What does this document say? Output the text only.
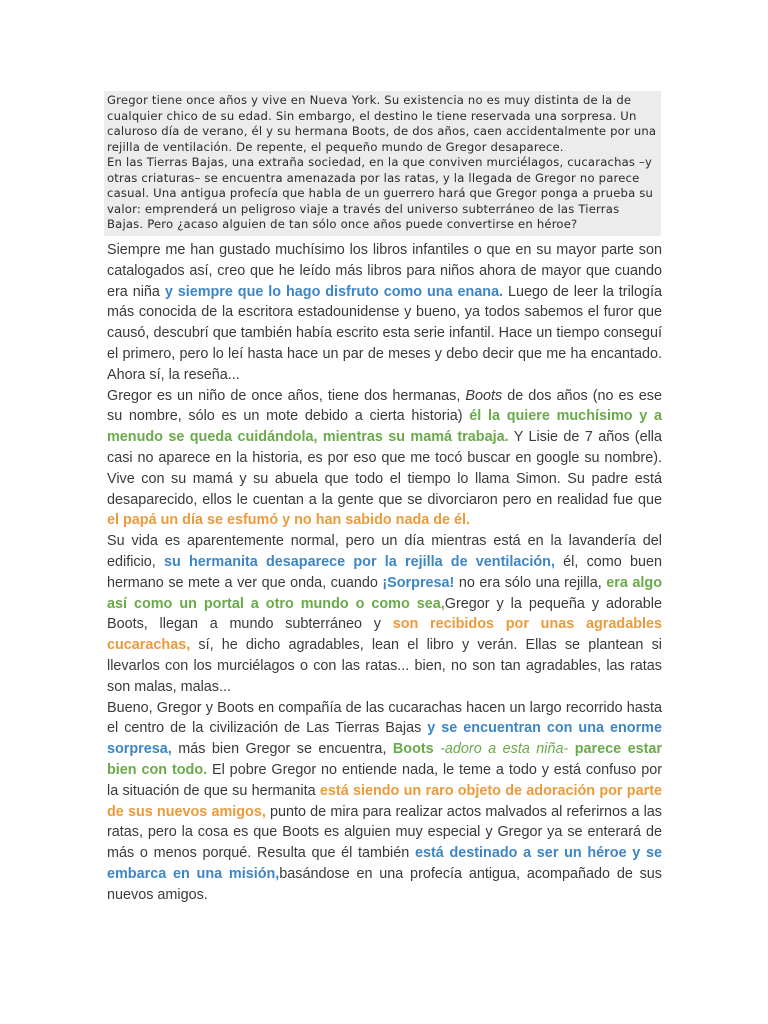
Gregor tiene once años y vive en Nueva York. Su existencia no es muy distinta de la de cualquier chico de su edad. Sin embargo, el destino le tiene reservada una sorpresa. Un caluroso día de verano, él y su hermana Boots, de dos años, caen accidentalmente por una rejilla de ventilación. De repente, el pequeño mundo de Gregor desaparece.

En las Tierras Bajas, una extraña sociedad, en la que conviven murciélagos, cucarachas –y otras criaturas– se encuentra amenazada por las ratas, y la llegada de Gregor no parece casual. Una antigua profecía que habla de un guerrero hará que Gregor ponga a prueba su valor: emprenderá un peligroso viaje a través del universo subterráneo de las Tierras Bajas. Pero ¿acaso alguien de tan sólo once años puede convertirse en héroe?

Siempre me han gustado muchísimo los libros infantiles o que en su mayor parte son catalogados así, creo que he leído más libros para niños ahora de mayor que cuando era niña y siempre que lo hago disfruto como una enana. Luego de leer la trilogía más conocida de la escritora estadounidense y bueno, ya todos sabemos el furor que causó, descubrí que también había escrito esta serie infantil. Hace un tiempo conseguí el primero, pero lo leí hasta hace un par de meses y debo decir que me ha encantado. Ahora sí, la reseña...

Gregor es un niño de once años, tiene dos hermanas, Boots de dos años (no es ese su nombre, sólo es un mote debido a cierta historia) él la quiere muchísimo y a menudo se queda cuidándola, mientras su mamá trabaja. Y Lisie de 7 años (ella casi no aparece en la historia, es por eso que me tocó buscar en google su nombre). Vive con su mamá y su abuela que todo el tiempo lo llama Simon. Su padre está desaparecido, ellos le cuentan a la gente que se divorciaron pero en realidad fue que el papá un día se esfumó y no han sabido nada de él.

Su vida es aparentemente normal, pero un día mientras está en la lavandería del edificio, su hermanita desaparece por la rejilla de ventilación, él, como buen hermano se mete a ver que onda, cuando ¡Sorpresa! no era sólo una rejilla, era algo así como un portal a otro mundo o como sea,Gregor y la pequeña y adorable Boots, llegan a mundo subterráneo y son recibidos por unas agradables cucarachas, sí, he dicho agradables, lean el libro y verán. Ellas se plantean si llevarlos con los murciélagos o con las ratas... bien, no son tan agradables, las ratas son malas, malas...

Bueno, Gregor y Boots en compañía de las cucarachas hacen un largo recorrido hasta el centro de la civilización de Las Tierras Bajas y se encuentran con una enorme sorpresa, más bien Gregor se encuentra, Boots -adoro a esta niña- parece estar bien con todo. El pobre Gregor no entiende nada, le teme a todo y está confuso por la situación de que su hermanita está siendo un raro objeto de adoración por parte de sus nuevos amigos, punto de mira para realizar actos malvados al referirnos a las ratas, pero la cosa es que Boots es alguien muy especial y Gregor ya se enterará de más o menos porqué. Resulta que él también está destinado a ser un héroe y se embarca en una misión,basándose en una profecía antigua, acompañado de sus nuevos amigos.
